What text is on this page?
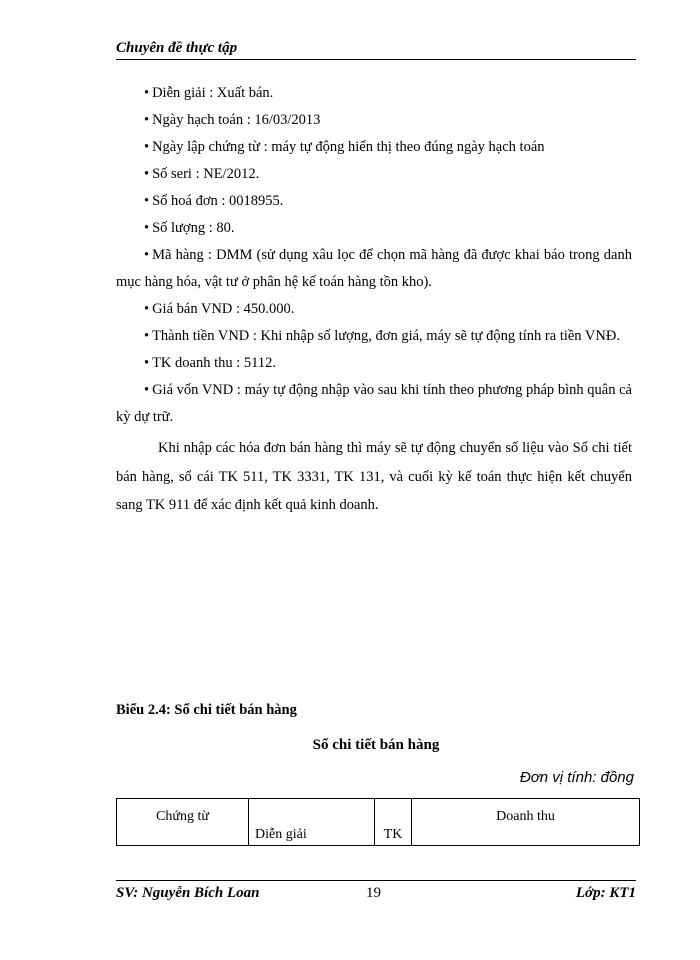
Chuyên đề thực tập
• Diễn giải : Xuất bán.
• Ngày hạch toán : 16/03/2013
• Ngày lập chứng từ : máy tự động hiển thị theo đúng ngày hạch toán
• Số seri : NE/2012.
• Số hoá đơn : 0018955.
• Số lượng : 80.
• Mã hàng : DMM (sử dụng xâu lọc để chọn mã hàng đã được khai báo trong danh mục hàng hóa, vật tư ở phân hệ kế toán hàng tồn kho).
• Giá bán VND : 450.000.
• Thành tiền VND : Khi nhập số lượng, đơn giá, máy sẽ tự động tính ra tiền VNĐ.
• TK doanh thu : 5112.
• Giá vốn VND : máy tự động nhập vào sau khi tính theo phương pháp bình quân cả kỳ dự trữ.
Khi nhập các hóa đơn bán hàng thì máy sẽ tự động chuyển số liệu vào Sổ chi tiết bán hàng, sổ cái TK 511, TK 3331, TK 131, và cuối kỳ kế toán thực hiện kết chuyển sang TK 911 để xác định kết quả kinh doanh.
Biểu 2.4: Sổ chi tiết bán hàng
Sổ chi tiết bán hàng
Đơn vị tính: đồng
Chứng từ	Diễn giải	TK	Doanh thu
SV: Nguyễn Bích Loan	19	Lớp: KT1
